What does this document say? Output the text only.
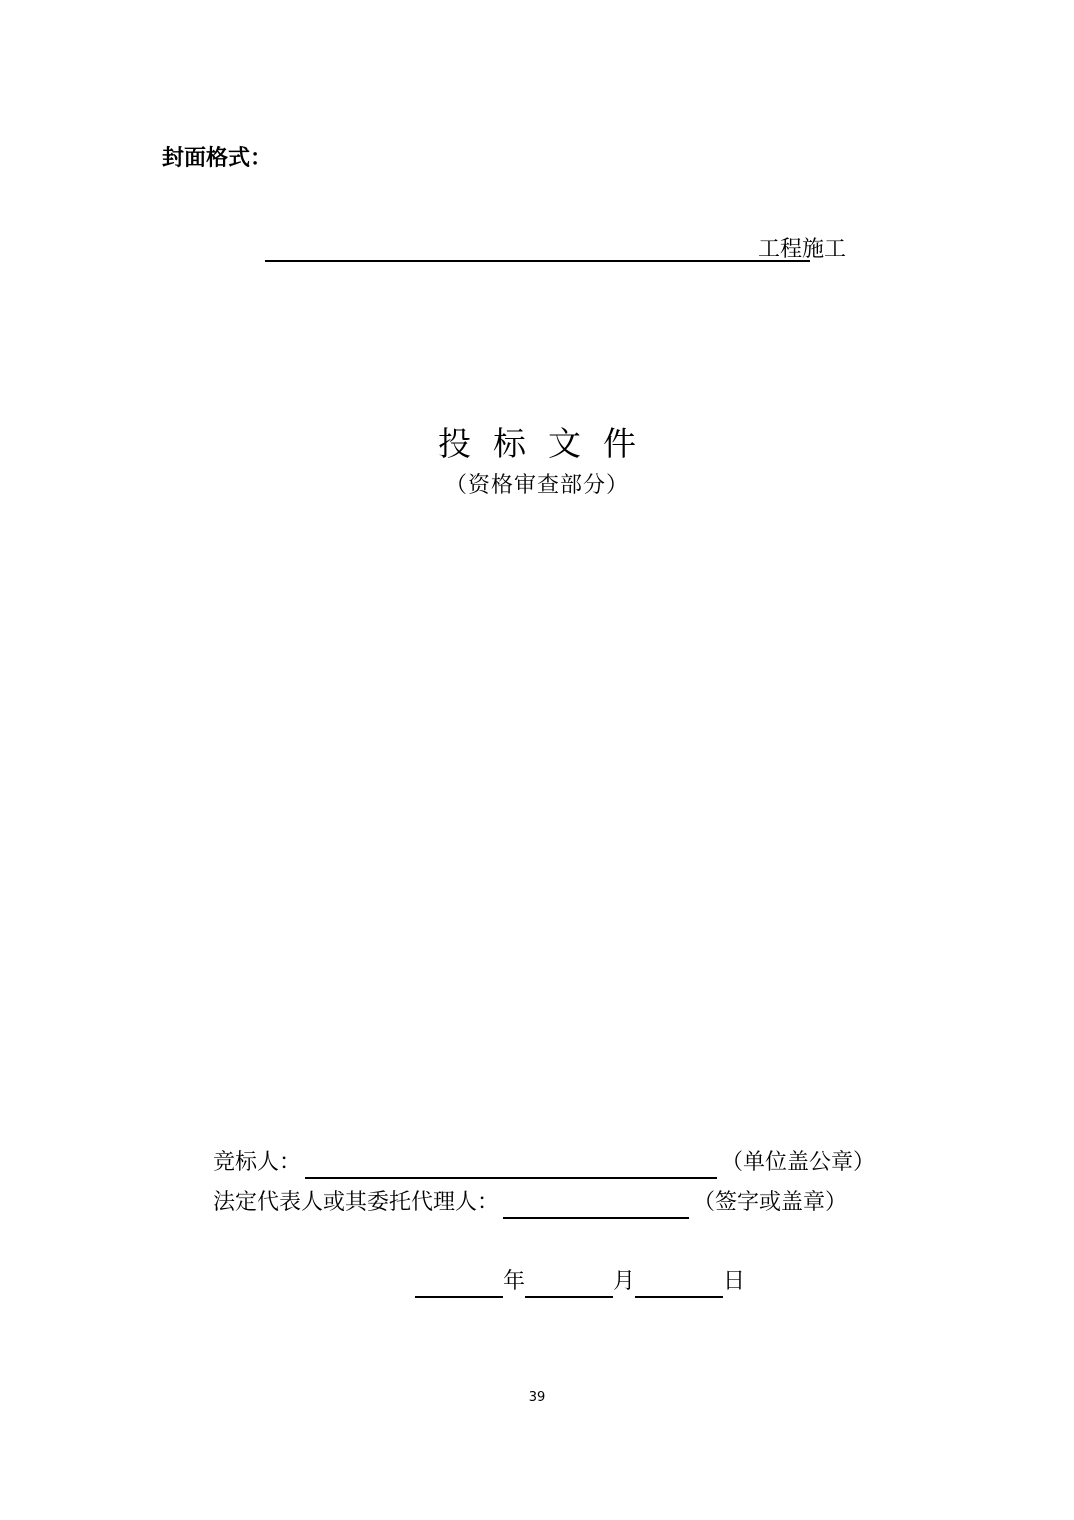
封面格式：
工程施工
投标文件
（资格审查部分）
竞标人：	（单位盖公章）
法定代表人或其委托代理人：	（签字或盖章）
年	月	日
39
